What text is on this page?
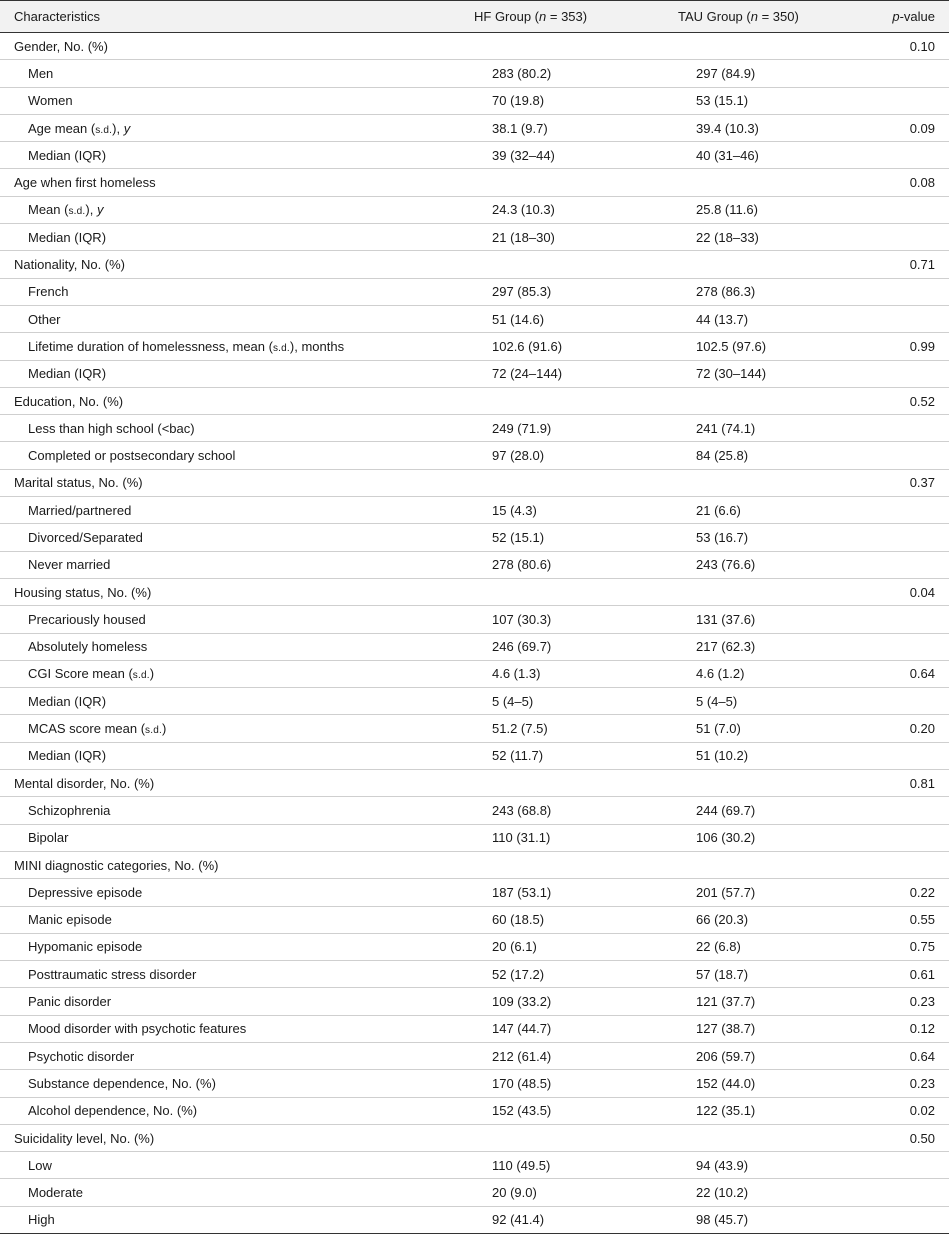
Characteristics	HF Group (n = 353)	TAU Group (n = 350)	p-value
Gender, No. (%)			0.10
Men	283 (80.2)	297 (84.9)	
Women	70 (19.8)	53 (15.1)	
Age mean (s.d.), y	38.1 (9.7)	39.4 (10.3)	0.09
Median (IQR)	39 (32–44)	40 (31–46)	
Age when first homeless			0.08
Mean (s.d.), y	24.3 (10.3)	25.8 (11.6)	
Median (IQR)	21 (18–30)	22 (18–33)	
Nationality, No. (%)			0.71
French	297 (85.3)	278 (86.3)	
Other	51 (14.6)	44 (13.7)	
Lifetime duration of homelessness, mean (s.d.), months	102.6 (91.6)	102.5 (97.6)	0.99
Median (IQR)	72 (24–144)	72 (30–144)	
Education, No. (%)			0.52
Less than high school (<bac)	249 (71.9)	241 (74.1)	
Completed or postsecondary school	97 (28.0)	84 (25.8)	
Marital status, No. (%)			0.37
Married/partnered	15 (4.3)	21 (6.6)	
Divorced/Separated	52 (15.1)	53 (16.7)	
Never married	278 (80.6)	243 (76.6)	
Housing status, No. (%)			0.04
Precariously housed	107 (30.3)	131 (37.6)	
Absolutely homeless	246 (69.7)	217 (62.3)	
CGI Score mean (s.d.)	4.6 (1.3)	4.6 (1.2)	0.64
Median (IQR)	5 (4–5)	5 (4–5)	
MCAS score mean (s.d.)	51.2 (7.5)	51 (7.0)	0.20
Median (IQR)	52 (11.7)	51 (10.2)	
Mental disorder, No. (%)			0.81
Schizophrenia	243 (68.8)	244 (69.7)	
Bipolar	110 (31.1)	106 (30.2)	
MINI diagnostic categories, No. (%)			
Depressive episode	187 (53.1)	201 (57.7)	0.22
Manic episode	60 (18.5)	66 (20.3)	0.55
Hypomanic episode	20 (6.1)	22 (6.8)	0.75
Posttraumatic stress disorder	52 (17.2)	57 (18.7)	0.61
Panic disorder	109 (33.2)	121 (37.7)	0.23
Mood disorder with psychotic features	147 (44.7)	127 (38.7)	0.12
Psychotic disorder	212 (61.4)	206 (59.7)	0.64
Substance dependence, No. (%)	170 (48.5)	152 (44.0)	0.23
Alcohol dependence, No. (%)	152 (43.5)	122 (35.1)	0.02
Suicidality level, No. (%)			0.50
Low	110 (49.5)	94 (43.9)	
Moderate	20 (9.0)	22 (10.2)	
High	92 (41.4)	98 (45.7)	
